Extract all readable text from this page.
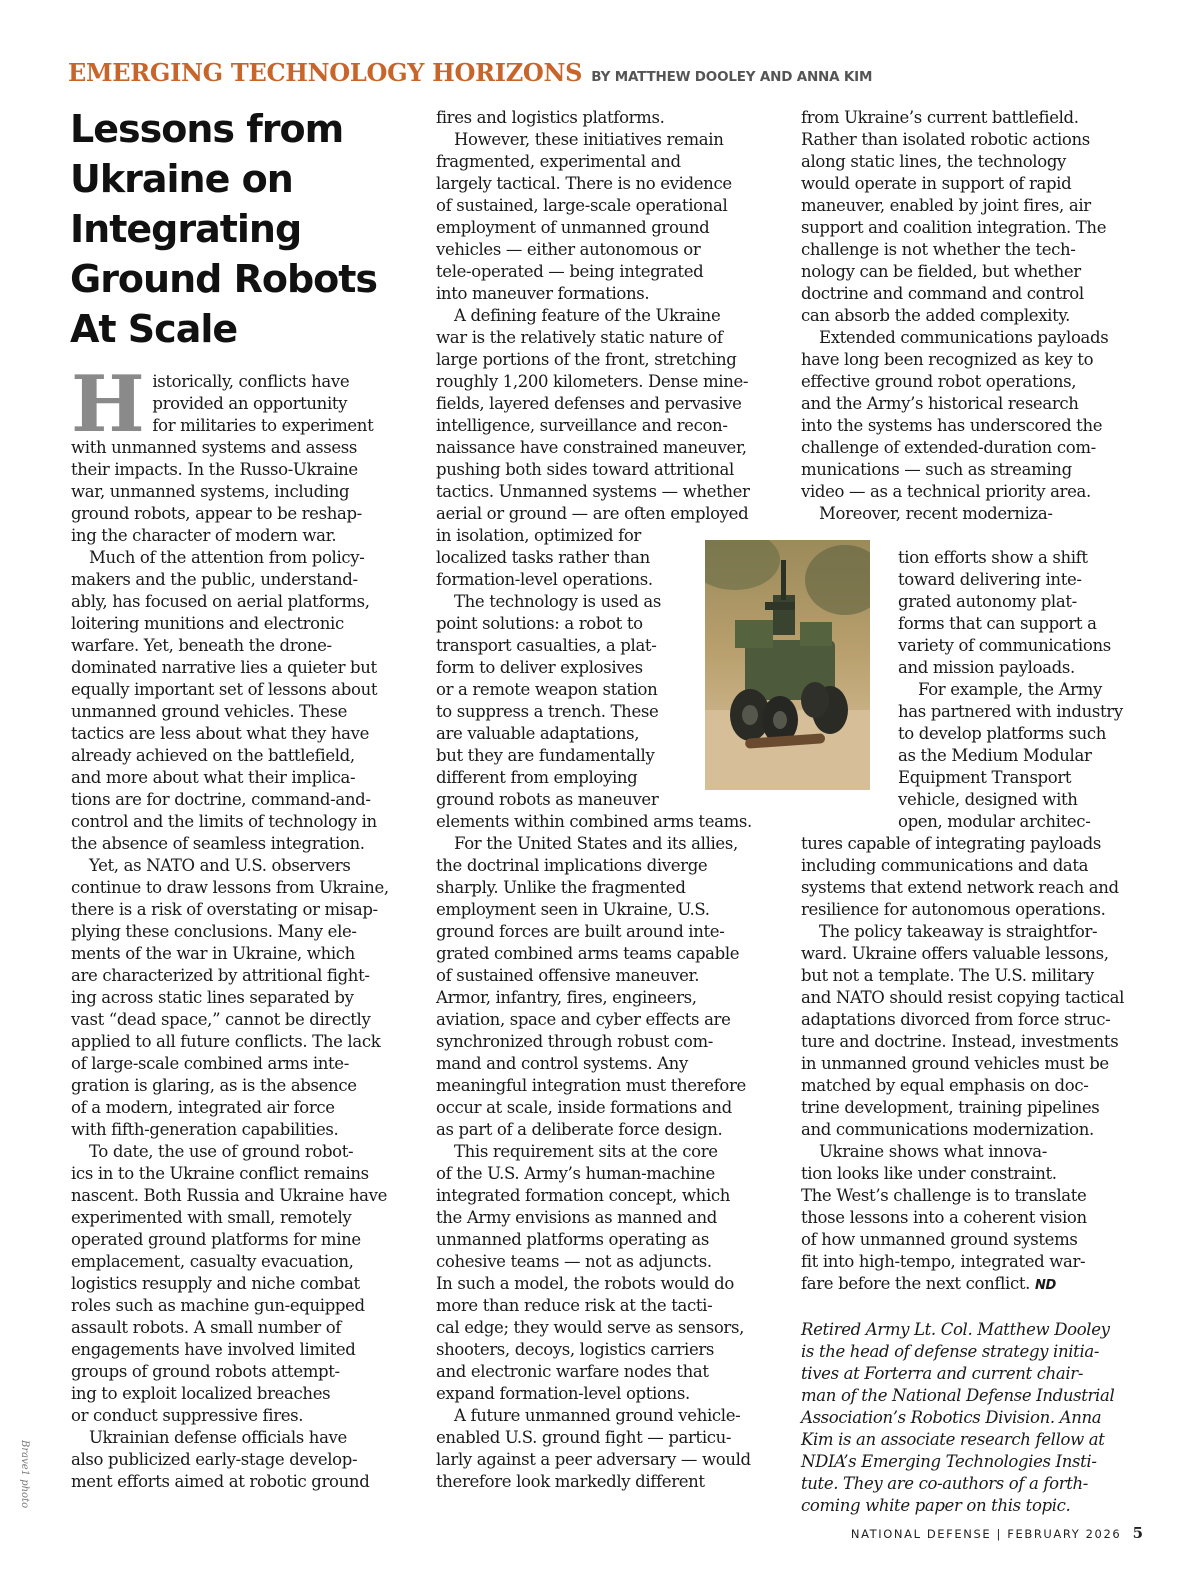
EMERGING TECHNOLOGY HORIZONS BY MATTHEW DOOLEY AND ANNA KIM
Lessons from
Ukraine on
Integrating
Ground Robots
At Scale

H istorically, conflicts have
provided an opportunity
for militaries to experiment
with unmanned systems and assess
their impacts. In the Russo-Ukraine
war, unmanned systems, including
ground robots, appear to be reshap-
ing the character of modern war.

Much of the attention from policy-
makers and the public, understand-
ably, has focused on aerial platforms,
loitering munitions and electronic
warfare. Yet, beneath the drone-
dominated narrative lies a quieter but
equally important set of lessons about
unmanned ground vehicles. These
tactics are less about what they have
already achieved on the battlefield,
and more about what their implica-
tions are for doctrine, command-and-
control and the limits of technology in
the absence of seamless integration.

Yet, as NATO and U.S. observers
continue to draw lessons from Ukraine,
there is a risk of overstating or misap-
plying these conclusions. Many ele-
ments of the war in Ukraine, which
are characterized by attritional fight-
ing across static lines separated by
vast “dead space,” cannot be directly
applied to all future conflicts. The lack
of large-scale combined arms inte-
gration is glaring, as is the absence
of a modern, integrated air force
with fifth-generation capabilities.

To date, the use of ground robot-
ics in to the Ukraine conflict remains
nascent. Both Russia and Ukraine have
experimented with small, remotely
operated ground platforms for mine
emplacement, casualty evacuation,
logistics resupply and niche combat
roles such as machine gun-equipped
assault robots. A small number of
engagements have involved limited
groups of ground robots attempt-
ing to exploit localized breaches
or conduct suppressive fires.

Ukrainian defense officials have
also publicized early-stage develop-
ment efforts aimed at robotic ground

fires and logistics platforms.

However, these initiatives remain
fragmented, experimental and
largely tactical. There is no evidence
of sustained, large-scale operational
employment of unmanned ground
vehicles — either autonomous or
tele-operated — being integrated
into maneuver formations.

A defining feature of the Ukraine
war is the relatively static nature of
large portions of the front, stretching
roughly 1,200 kilometers. Dense mine-
fields, layered defenses and pervasive
intelligence, surveillance and recon-
naissance have constrained maneuver,
pushing both sides toward attritional
tactics. Unmanned systems — whether
aerial or ground — are often employed
in isolation, optimized for
localized tasks rather than
formation-level operations.

The technology is used as
point solutions: a robot to
transport casualties, a plat-
form to deliver explosives
or a remote weapon station
to suppress a trench. These
are valuable adaptations,
but they are fundamentally
different from employing
ground robots as maneuver
elements within combined arms teams.

For the United States and its allies,
the doctrinal implications diverge
sharply. Unlike the fragmented
employment seen in Ukraine, U.S.
ground forces are built around inte-
grated combined arms teams capable
of sustained offensive maneuver.
Armor, infantry, fires, engineers,
aviation, space and cyber effects are
synchronized through robust com-
mand and control systems. Any
meaningful integration must therefore
occur at scale, inside formations and
as part of a deliberate force design.

This requirement sits at the core
of the U.S. Army’s human-machine
integrated formation concept, which
the Army envisions as manned and
unmanned platforms operating as
cohesive teams — not as adjuncts.
In such a model, the robots would do
more than reduce risk at the tacti-
cal edge; they would serve as sensors,
shooters, decoys, logistics carriers
and electronic warfare nodes that
expand formation-level options.

A future unmanned ground vehicle-
enabled U.S. ground fight — particu-
larly against a peer adversary — would
therefore look markedly different

from Ukraine’s current battlefield.
Rather than isolated robotic actions
along static lines, the technology
would operate in support of rapid
maneuver, enabled by joint fires, air
support and coalition integration. The
challenge is not whether the tech-
nology can be fielded, but whether
doctrine and command and control
can absorb the added complexity.

Extended communications payloads
have long been recognized as key to
effective ground robot operations,
and the Army’s historical research
into the systems has underscored the
challenge of extended-duration com-
munications — such as streaming
video — as a technical priority area.

Moreover, recent moderniza-
tion efforts show a shift
toward delivering inte-
grated autonomy plat-
forms that can support a
variety of communications
and mission payloads.

For example, the Army
has partnered with industry
to develop platforms such
as the Medium Modular
Equipment Transport
vehicle, designed with
open, modular architec-
tures capable of integrating payloads
including communications and data
systems that extend network reach and
resilience for autonomous operations.

The policy takeaway is straightfor-
ward. Ukraine offers valuable lessons,
but not a template. The U.S. military
and NATO should resist copying tactical
adaptations divorced from force struc-
ture and doctrine. Instead, investments
in unmanned ground vehicles must be
matched by equal emphasis on doc-
trine development, training pipelines
and communications modernization.

Ukraine shows what innova-
tion looks like under constraint.
The West’s challenge is to translate
those lessons into a coherent vision
of how unmanned ground systems
fit into high-tempo, integrated war-
fare before the next conflict. ND

Retired Army Lt. Col. Matthew Dooley
is the head of defense strategy initia-
tives at Forterra and current chair-
man of the National Defense Industrial
Association’s Robotics Division. Anna
Kim is an associate research fellow at
NDIA’s Emerging Technologies Insti-
tute. They are co-authors of a forth-
coming white paper on this topic.

Brave1 photo
NATIONAL DEFENSE | FEBRUARY 2026 5
